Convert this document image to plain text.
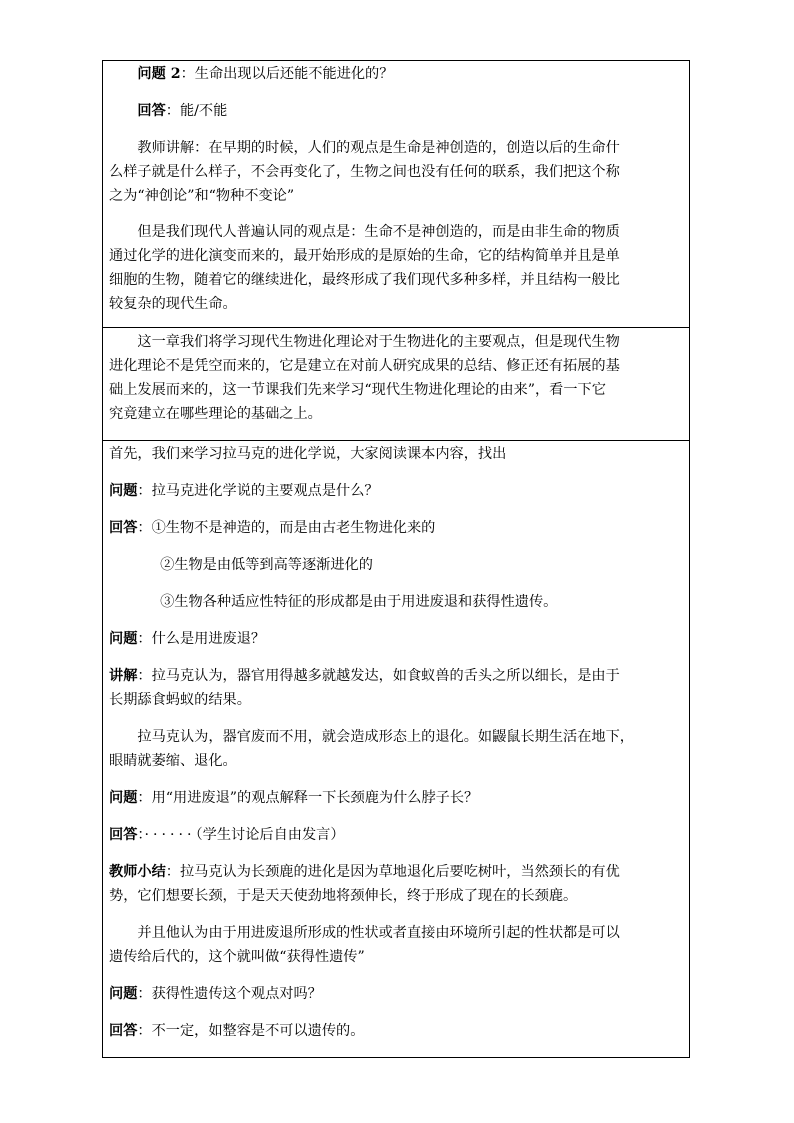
问题 2：生命出现以后还能不能进化的？

回答：能/不能

教师讲解：在早期的时候，人们的观点是生命是神创造的，创造以后的生命什

么样子就是什么样子，不会再变化了，生物之间也没有任何的联系，我们把这个称

之为“神创论”和“物种不变论”

但是我们现代人普遍认同的观点是：生命不是神创造的，而是由非生命的物质

通过化学的进化演变而来的，最开始形成的是原始的生命，它的结构简单并且是单

细胞的生物，随着它的继续进化，最终形成了我们现代多种多样，并且结构一般比

较复杂的现代生命。

这一章我们将学习现代生物进化理论对于生物进化的主要观点，但是现代生物

进化理论不是凭空而来的，它是建立在对前人研究成果的总结、修正还有拓展的基

础上发展而来的，这一节课我们先来学习“现代生物进化理论的由来”，看一下它

究竟建立在哪些理论的基础之上。

首先，我们来学习拉马克的进化学说，大家阅读课本内容，找出

问题：拉马克进化学说的主要观点是什么？

回答：①生物不是神造的，而是由古老生物进化来的

②生物是由低等到高等逐渐进化的

③生物各种适应性特征的形成都是由于用进废退和获得性遗传。

问题：什么是用进废退？

讲解：拉马克认为，器官用得越多就越发达，如食蚁兽的舌头之所以细长，是由于

长期舔食蚂蚁的结果。

拉马克认为，器官废而不用，就会造成形态上的退化。如鼹鼠长期生活在地下，

眼睛就萎缩、退化。

问题：用“用进废退”的观点解释一下长颈鹿为什么脖子长？

回答：······（学生讨论后自由发言）

教师小结：拉马克认为长颈鹿的进化是因为草地退化后要吃树叶，当然颈长的有优

势，它们想要长颈，于是天天使劲地将颈伸长，终于形成了现在的长颈鹿。

并且他认为由于用进废退所形成的性状或者直接由环境所引起的性状都是可以

遗传给后代的，这个就叫做“获得性遗传”

问题：获得性遗传这个观点对吗？

回答：不一定，如整容是不可以遗传的。
